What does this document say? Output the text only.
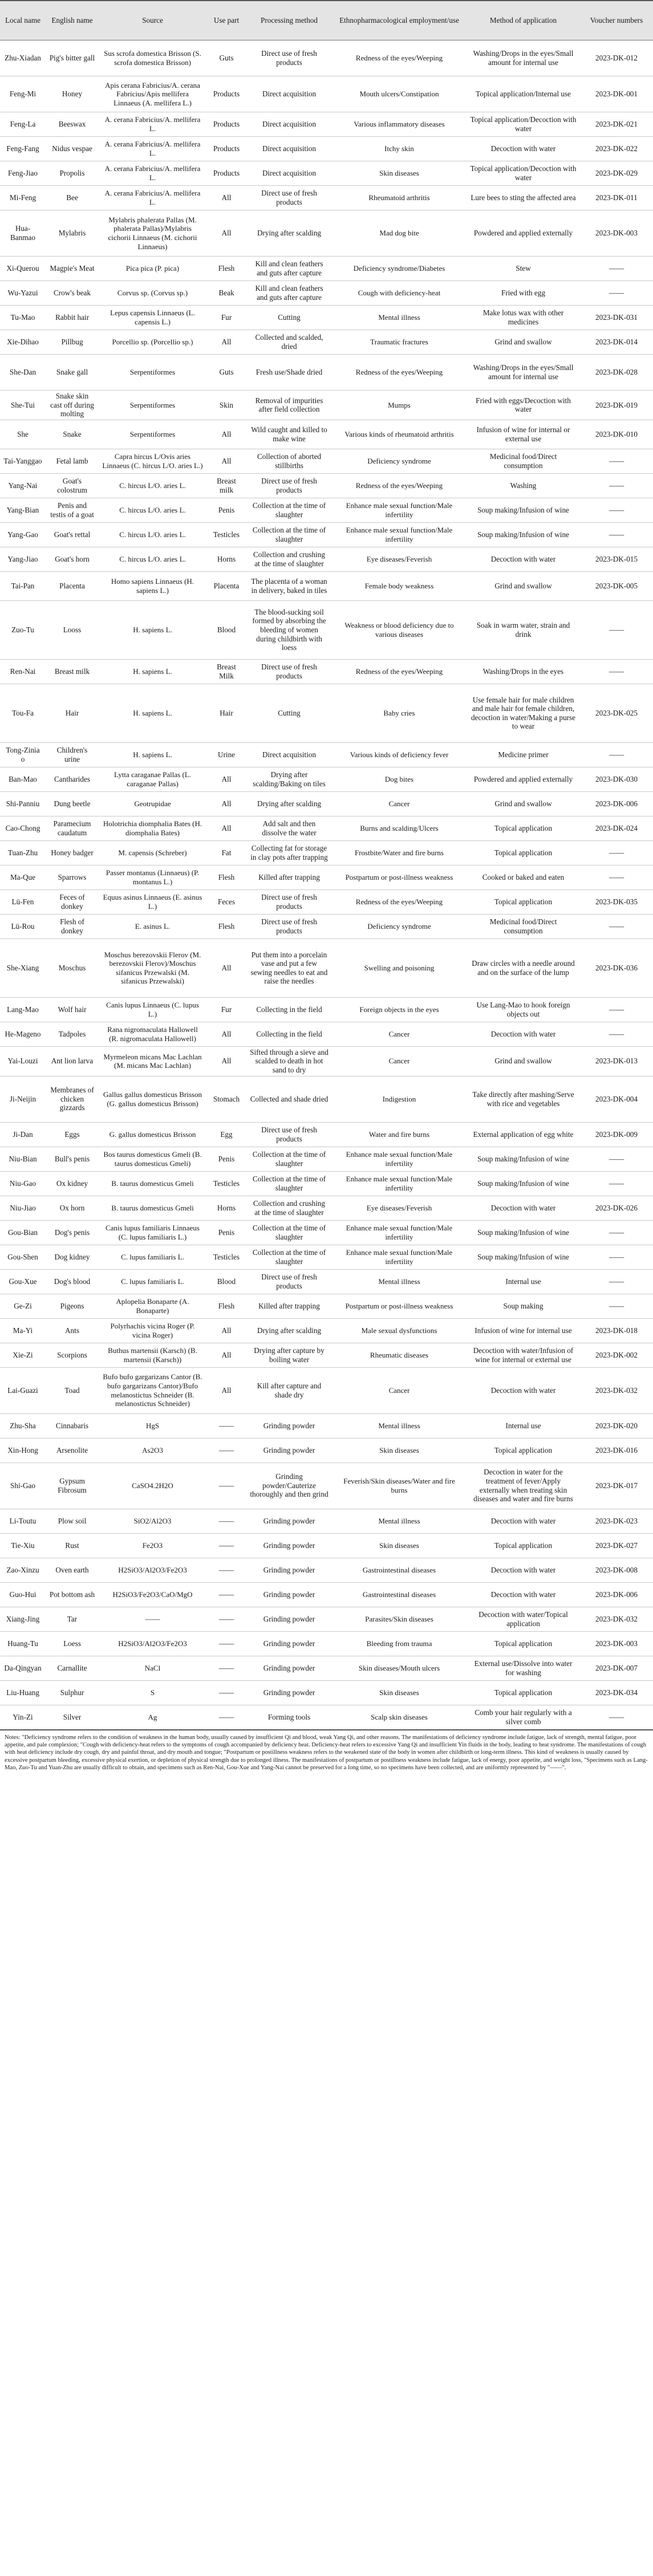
Local name	English name	Source	Use part	Processing method	Ethnopharmacological employment/use	Method of application	Voucher numbers
Zhu-Xiadan	Pig's bitter gall	Sus scrofa domestica Brisson (S. scrofa domestica Brisson)	Guts	Direct use of fresh products	Redness of the eyes/Weeping	Washing/Drops in the eyes/Small amount for internal use	2023-DK-012
Feng-Mi	Honey	Apis cerana Fabricius/A. cerana Fabricius/Apis mellifera Linnaeus (A. mellifera L.)	Products	Direct acquisition	Mouth ulcers/Constipation	Topical application/Internal use	2023-DK-001
Feng-La	Beeswax	A. cerana Fabricius/A. mellifera L.	Products	Direct acquisition	Various inflammatory diseases	Topical application/Decoction with water	2023-DK-021
Feng-Fang	Nidus vespae	A. cerana Fabricius/A. mellifera L.	Products	Direct acquisition	Itchy skin	Decoction with water	2023-DK-022
Feng-Jiao	Propolis	A. cerana Fabricius/A. mellifera L.	Products	Direct acquisition	Skin diseases	Topical application/Decoction with water	2023-DK-029
Mi-Feng	Bee	A. cerana Fabricius/A. mellifera L.	All	Direct use of fresh products	Rheumatoid arthritis	Lure bees to sting the affected area	2023-DK-011
Hua-Banmao	Mylabris	Mylabris phalerata Pallas (M. phalerata Pallas)/Mylabris cichorii Linnaeus (M. cichorii Linnaeus)	All	Drying after scalding	Mad dog bite	Powdered and applied externally	2023-DK-003
Xi-Querou	Magpie's Meat	Pica pica (P. pica)	Flesh	Kill and clean feathers and guts after capture	Deficiency syndrome/Diabetes	Stew	——
Wu-Yazui	Crow's beak	Corvus sp. (Corvus sp.)	Beak	Kill and clean feathers and guts after capture	Cough with deficiency-heat	Fried with egg	——
Tu-Mao	Rabbit hair	Lepus capensis Linnaeus (L. capensis L.)	Fur	Cutting	Mental illness	Make lotus wax with other medicines	2023-DK-031
Xie-Dihao	Pillbug	Porcellio sp. (Porcellio sp.)	All	Collected and scalded, dried	Traumatic fractures	Grind and swallow	2023-DK-014
She-Dan	Snake gall	Serpentiformes	Guts	Fresh use/Shade dried	Redness of the eyes/Weeping	Washing/Drops in the eyes/Small amount for internal use	2023-DK-028
She-Tui	Snake skin cast off during molting	Serpentiformes	Skin	Removal of impurities after field collection	Mumps	Fried with eggs/Decoction with water	2023-DK-019
She	Snake	Serpentiformes	All	Wild caught and killed to make wine	Various kinds of rheumatoid arthritis	Infusion of wine for internal or external use	2023-DK-010
Tai-Yanggao	Fetal lamb	Capra hircus L/Ovis aries Linnaeus (C. hircus L/O. aries L.)	All	Collection of aborted stillbirths	Deficiency syndrome	Medicinal food/Direct consumption	——
Yang-Nai	Goat's colostrum	C. hircus L/O. aries L.	Breast milk	Direct use of fresh products	Redness of the eyes/Weeping	Washing	——
Yang-Bian	Penis and testis of a goat	C. hircus L/O. aries L.	Penis	Collection at the time of slaughter	Enhance male sexual function/Male infertility	Soup making/Infusion of wine	——
Yang-Gao	Goat's rettal	C. hircus L/O. aries L.	Testicles	Collection at the time of slaughter	Enhance male sexual function/Male infertility	Soup making/Infusion of wine	——
Yang-Jiao	Goat's horn	C. hircus L/O. aries L.	Horns	Collection and crushing at the time of slaughter	Eye diseases/Feverish	Decoction with water	2023-DK-015
Tai-Pan	Placenta	Homo sapiens Linnaeus (H. sapiens L.)	Placenta	The placenta of a woman in delivery, baked in tiles	Female body weakness	Grind and swallow	2023-DK-005
Zuo-Tu	Looss	H. sapiens L.	Blood	The blood-sucking soil formed by absorbing the bleeding of women during childbirth with loess	Weakness or blood deficiency due to various diseases	Soak in warm water, strain and drink	——
Ren-Nai	Breast milk	H. sapiens L.	Breast Milk	Direct use of fresh products	Redness of the eyes/Weeping	Washing/Drops in the eyes	——
Tou-Fa	Hair	H. sapiens L.	Hair	Cutting	Baby cries	Use female hair for male children and male hair for female children, decoction in water/Making a purse to wear	2023-DK-025
Tong-Zinia o	Children's urine	H. sapiens L.	Urine	Direct acquisition	Various kinds of deficiency fever	Medicine primer	——
Ban-Mao	Cantharides	Lytta caraganae Pallas (L. caraganae Pallas)	All	Drying after scalding/Baking on tiles	Dog bites	Powdered and applied externally	2023-DK-030
Shi-Panniu	Dung beetle	Geotrupidae	All	Drying after scalding	Cancer	Grind and swallow	2023-DK-006
Cao-Chong	Paramecium caudatum	Holotrichia diomphalia Bates (H. diomphalia Bates)	All	Add salt and then dissolve the water	Burns and scalding/Ulcers	Topical application	2023-DK-024
Tuan-Zhu	Honey badger	M. capensis (Schreber)	Fat	Collecting fat for storage in clay pots after trapping	Frostbite/Water and fire burns	Topical application	——
Ma-Que	Sparrows	Passer montanus (Linnaeus) (P. montanus L.)	Flesh	Killed after trapping	Postpartum or post-illness weakness	Cooked or baked and eaten	——
Lü-Fen	Feces of donkey	Equus asinus Linnaeus (E. asinus L.)	Feces	Direct use of fresh products	Redness of the eyes/Weeping	Topical application	2023-DK-035
Lü-Rou	Flesh of donkey	E. asinus L.	Flesh	Direct use of fresh products	Deficiency syndrome	Medicinal food/Direct consumption	——
She-Xiang	Moschus	Moschus berezovskii Flerov (M. berezovskii Flerov)/Moschus sifanicus Przewalski (M. sifanicus Przewalski)	All	Put them into a porcelain vase and put a few sewing needles to eat and raise the needles	Swelling and poisoning	Draw circles with a needle around and on the surface of the lump	2023-DK-036
Lang-Mao	Wolf hair	Canis lupus Linnaeus (C. lupus L.)	Fur	Collecting in the field	Foreign objects in the eyes	Use Lang-Mao to hook foreign objects out	——
He-Mageno	Tadpoles	Rana nigromaculata Hallowell (R. nigromaculata Hallowell)	All	Collecting in the field	Cancer	Decoction with water	——
Yai-Louzi	Ant lion larva	Myrmeleon micans Mac Lachlan (M. micans Mac Lachlan)	All	Sifted through a sieve and scalded to death in hot sand to dry	Cancer	Grind and swallow	2023-DK-013
Ji-Neijin	Membranes of chicken gizzards	Gallus gallus domesticus Brisson (G. gallus domesticus Brisson)	Stomach	Collected and shade dried	Indigestion	Take directly after mashing/Serve with rice and vegetables	2023-DK-004
Ji-Dan	Eggs	G. gallus domesticus Brisson	Egg	Direct use of fresh products	Water and fire burns	External application of egg white	2023-DK-009
Niu-Bian	Bull's penis	Bos taurus domesticus Gmeli (B. taurus domesticus Gmeli)	Penis	Collection at the time of slaughter	Enhance male sexual function/Male infertility	Soup making/Infusion of wine	——
Niu-Gao	Ox kidney	B. taurus domesticus Gmeli	Testicles	Collection at the time of slaughter	Enhance male sexual function/Male infertility	Soup making/Infusion of wine	——
Niu-Jiao	Ox horn	B. taurus domesticus Gmeli	Horns	Collection and crushing at the time of slaughter	Eye diseases/Feverish	Decoction with water	2023-DK-026
Gou-Bian	Dog's penis	Canis lupus familiaris Linnaeus (C. lupus familiaris L.)	Penis	Collection at the time of slaughter	Enhance male sexual function/Male infertility	Soup making/Infusion of wine	——
Gou-Shen	Dog kidney	C. lupus familiaris L.	Testicles	Collection at the time of slaughter	Enhance male sexual function/Male infertility	Soup making/Infusion of wine	——
Gou-Xue	Dog's blood	C. lupus familiaris L.	Blood	Direct use of fresh products	Mental illness	Internal use	——
Ge-Zi	Pigeons	Aplopelia Bonaparte (A. Bonaparte)	Flesh	Killed after trapping	Postpartum or post-illness weakness	Soup making	——
Ma-Yi	Ants	Polyrhachis vicina Roger (P. vicina Roger)	All	Drying after scalding	Male sexual dysfunctions	Infusion of wine for internal use	2023-DK-018
Xie-Zi	Scorpions	Buthus martensii (Karsch) (B. martensii (Karsch))	All	Drying after capture by boiling water	Rheumatic diseases	Decoction with water/Infusion of wine for internal or external use	2023-DK-002
Lai-Guazi	Toad	Bufo bufo gargarizans Cantor (B. bufo gargarizans Cantor)/Bufo melanostictus Schneider (B. melanostictus Schneider)	All	Kill after capture and shade dry	Cancer	Decoction with water	2023-DK-032
Zhu-Sha	Cinnabaris	HgS	——	Grinding powder	Mental illness	Internal use	2023-DK-020
Xin-Hong	Arsenolite	As2O3	——	Grinding powder	Skin diseases	Topical application	2023-DK-016
Shi-Gao	Gypsum Fibrosum	CaSO4.2H2O	——	Grinding powder/Cauterize thoroughly and then grind	Feverish/Skin diseases/Water and fire burns	Decoction in water for the treatment of fever/Apply externally when treating skin diseases and water and fire burns	2023-DK-017
Li-Toutu	Plow soil	SiO2/Al2O3	——	Grinding powder	Mental illness	Decoction with water	2023-DK-023
Tie-Xiu	Rust	Fe2O3	——	Grinding powder	Skin diseases	Topical application	2023-DK-027
Zao-Xinzu	Oven earth	H2SiO3/Al2O3/Fe2O3	——	Grinding powder	Gastrointestinal diseases	Decoction with water	2023-DK-008
Guo-Hui	Pot bottom ash	H2SiO3/Fe2O3/CaO/MgO	——	Grinding powder	Gastrointestinal diseases	Decoction with water	2023-DK-006
Xiang-Jing	Tar	——	——	Grinding powder	Parasites/Skin diseases	Decoction with water/Topical application	2023-DK-032
Huang-Tu	Loess	H2SiO3/Al2O3/Fe2O3	——	Grinding powder	Bleeding from trauma	Topical application	2023-DK-003
Da-Qingyan	Carnallite	NaCl	——	Grinding powder	Skin diseases/Mouth ulcers	External use/Dissolve into water for washing	2023-DK-007
Liu-Huang	Sulphur	S	——	Grinding powder	Skin diseases	Topical application	2023-DK-034
Yin-Zi	Silver	Ag	——	Forming tools	Scalp skin diseases	Comb your hair regularly with a silver comb	——
Notes: "Deficiency syndrome refers to the condition of weakness in the human body, usually caused by insufficient Qi and blood, weak Yang Qi, and other reasons. The manifestations of deficiency syndrome include fatigue, lack of strength, mental fatigue, poor appetite, and pale complexion; "Cough with deficiency-heat refers to the symptoms of cough accompanied by deficiency heat. Deficiency-heat refers to excessive Yang Qi and insufficient Yin fluids in the body, leading to heat syndrome. The manifestations of cough with heat deficiency include dry cough, dry and painful throat, and dry mouth and tongue; "Postpartum or postillness weakness refers to the weakened state of the body in women after childbirth or long-term illness. This kind of weakness is usually caused by excessive postpartum bleeding, excessive physical exertion, or depletion of physical strength due to prolonged illness. The manifestations of postpartum or postillness weakness include fatigue, lack of energy, poor appetite, and weight loss, "Specimens such as Lang-Mao, Zuo-Tu and Yuan-Zhu are usually difficult to obtain, and specimens such as Ren-Nai, Gou-Xue and Yang-Nai cannot be preserved for a long time, so no specimens have been collected, and are uniformly represented by "——".
